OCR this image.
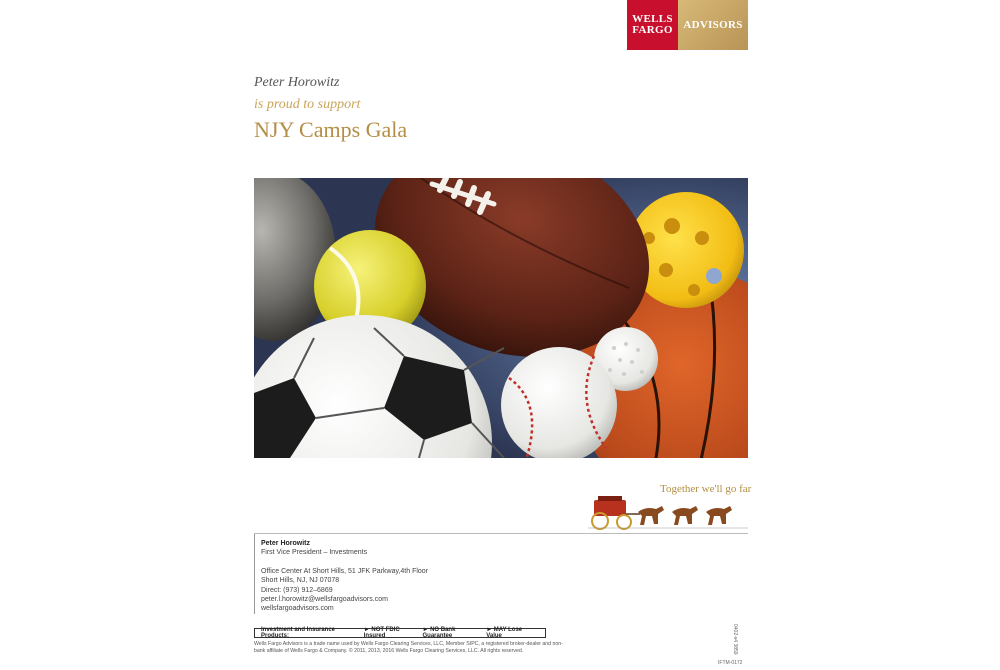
WELLS
FARGO ADVISORS
Peter Horowitz
is proud to support
NJY Camps Gala
Together we'll go far
Peter Horowitz
First Vice President – Investments
Office Center At Short Hills, 51 JFK Parkway,4th Floor
Short Hills, NJ, NJ 07078
Direct: (973) 912–6869
peter.l.horowitz@wellsfargoadvisors.com
wellsfargoadvisors.com
Investment and Insurance Products:
► NOT FDIC Insured
► NO Bank Guarantee
► MAY Lose Value
Wells Fargo Advisors is a trade name used by Wells Fargo Clearing Services, LLC, Member SIPC, a registered broker-dealer and non-bank affiliate of Wells Fargo & Company. © 2011, 2013, 2016 Wells Fargo Clearing Services, LLC. All rights reserved.	0402-v4 3859
IFTM-0172
